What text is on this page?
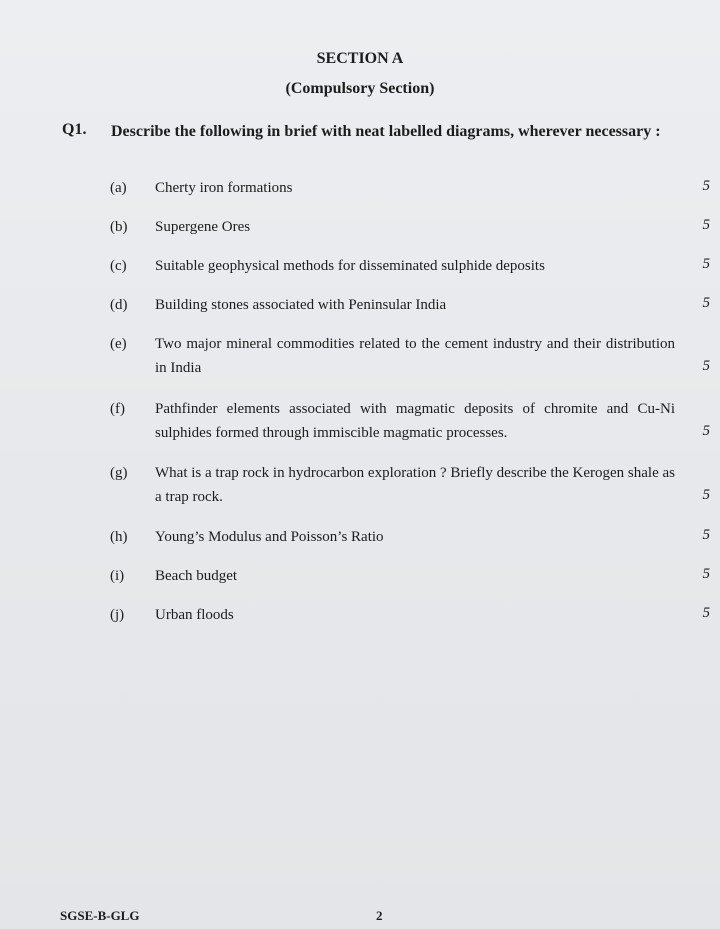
SECTION A
(Compulsory Section)
Q1. Describe the following in brief with neat labelled diagrams, wherever necessary :
(a) Cherty iron formations	5
(b) Supergene Ores	5
(c) Suitable geophysical methods for disseminated sulphide deposits	5
(d) Building stones associated with Peninsular India	5
(e) Two major mineral commodities related to the cement industry and their distribution in India	5
(f) Pathfinder elements associated with magmatic deposits of chromite and Cu-Ni sulphides formed through immiscible magmatic processes.	5
(g) What is a trap rock in hydrocarbon exploration ? Briefly describe the Kerogen shale as a trap rock.	5
(h) Young’s Modulus and Poisson’s Ratio	5
(i) Beach budget	5
(j) Urban floods	5
SGSE-B-GLG	2
